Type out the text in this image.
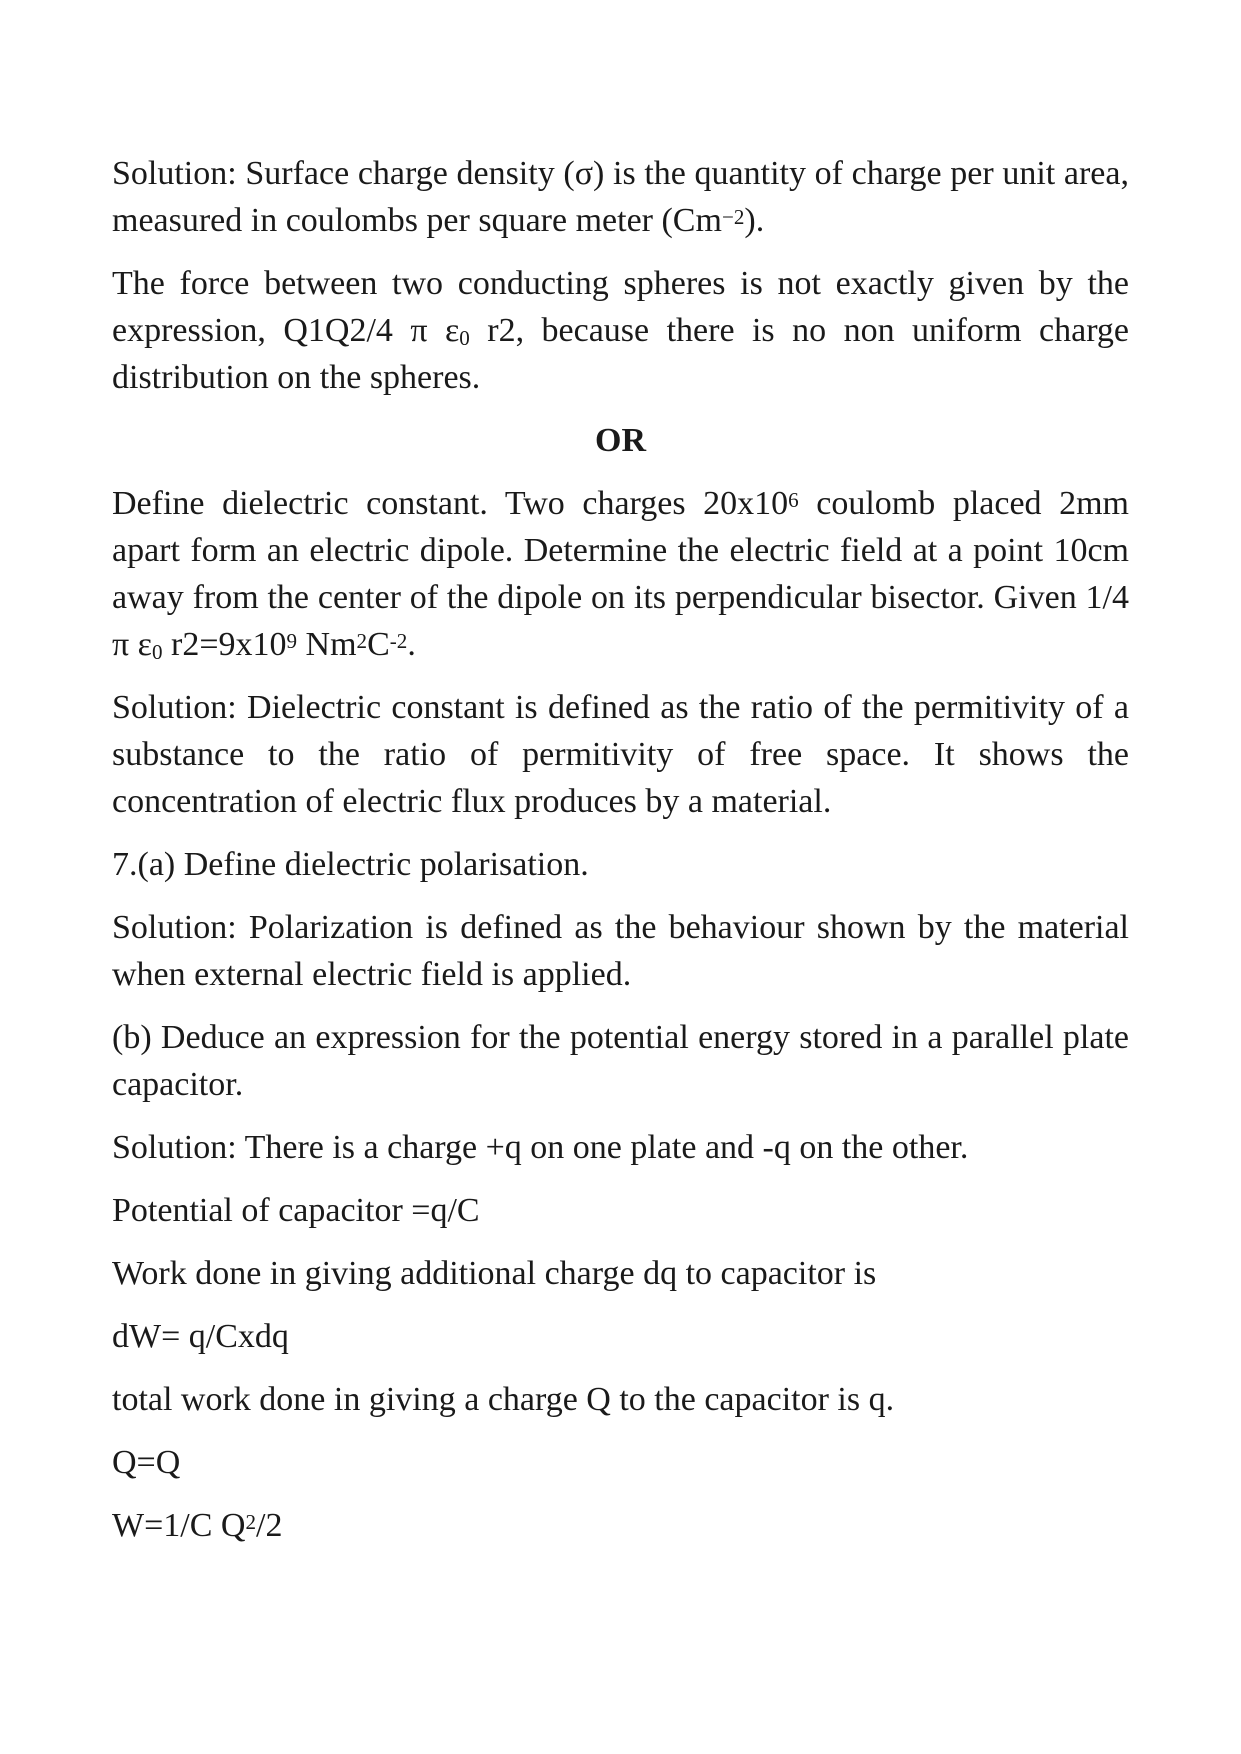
Solution: Surface charge density (σ) is the quantity of charge per unit area, measured in coulombs per square meter $(Cm^{-2})$.

The force between two conducting spheres is not exactly given by the expression, Q1Q2/4 π $\varepsilon_0$ r2, because there is no non uniform charge distribution on the spheres.

OR

Define dielectric constant. Two charges $20x10^6$ coulomb placed 2mm apart form an electric dipole. Determine the electric field at a point 10cm away from the center of the dipole on its perpendicular bisector. Given 1/4 π $\varepsilon_0$ $r2=9x10^9$ $Nm^2C^{-2}$.

Solution: Dielectric constant is defined as the ratio of the permitivity of a substance to the ratio of permitivity of free space. It shows the concentration of electric flux produces by a material.

7.(a) Define dielectric polarisation.

Solution: Polarization is defined as the behaviour shown by the material when external electric field is applied.

(b) Deduce an expression for the potential energy stored in a parallel plate capacitor.

Solution: There is a charge +q on one plate and -q on the other.

Potential of capacitor =q/C

Work done in giving additional charge dq to capacitor is

dW= q/Cxdq

total work done in giving a charge Q to the capacitor is q.

Q=Q

W=1/C $Q^2/2$
